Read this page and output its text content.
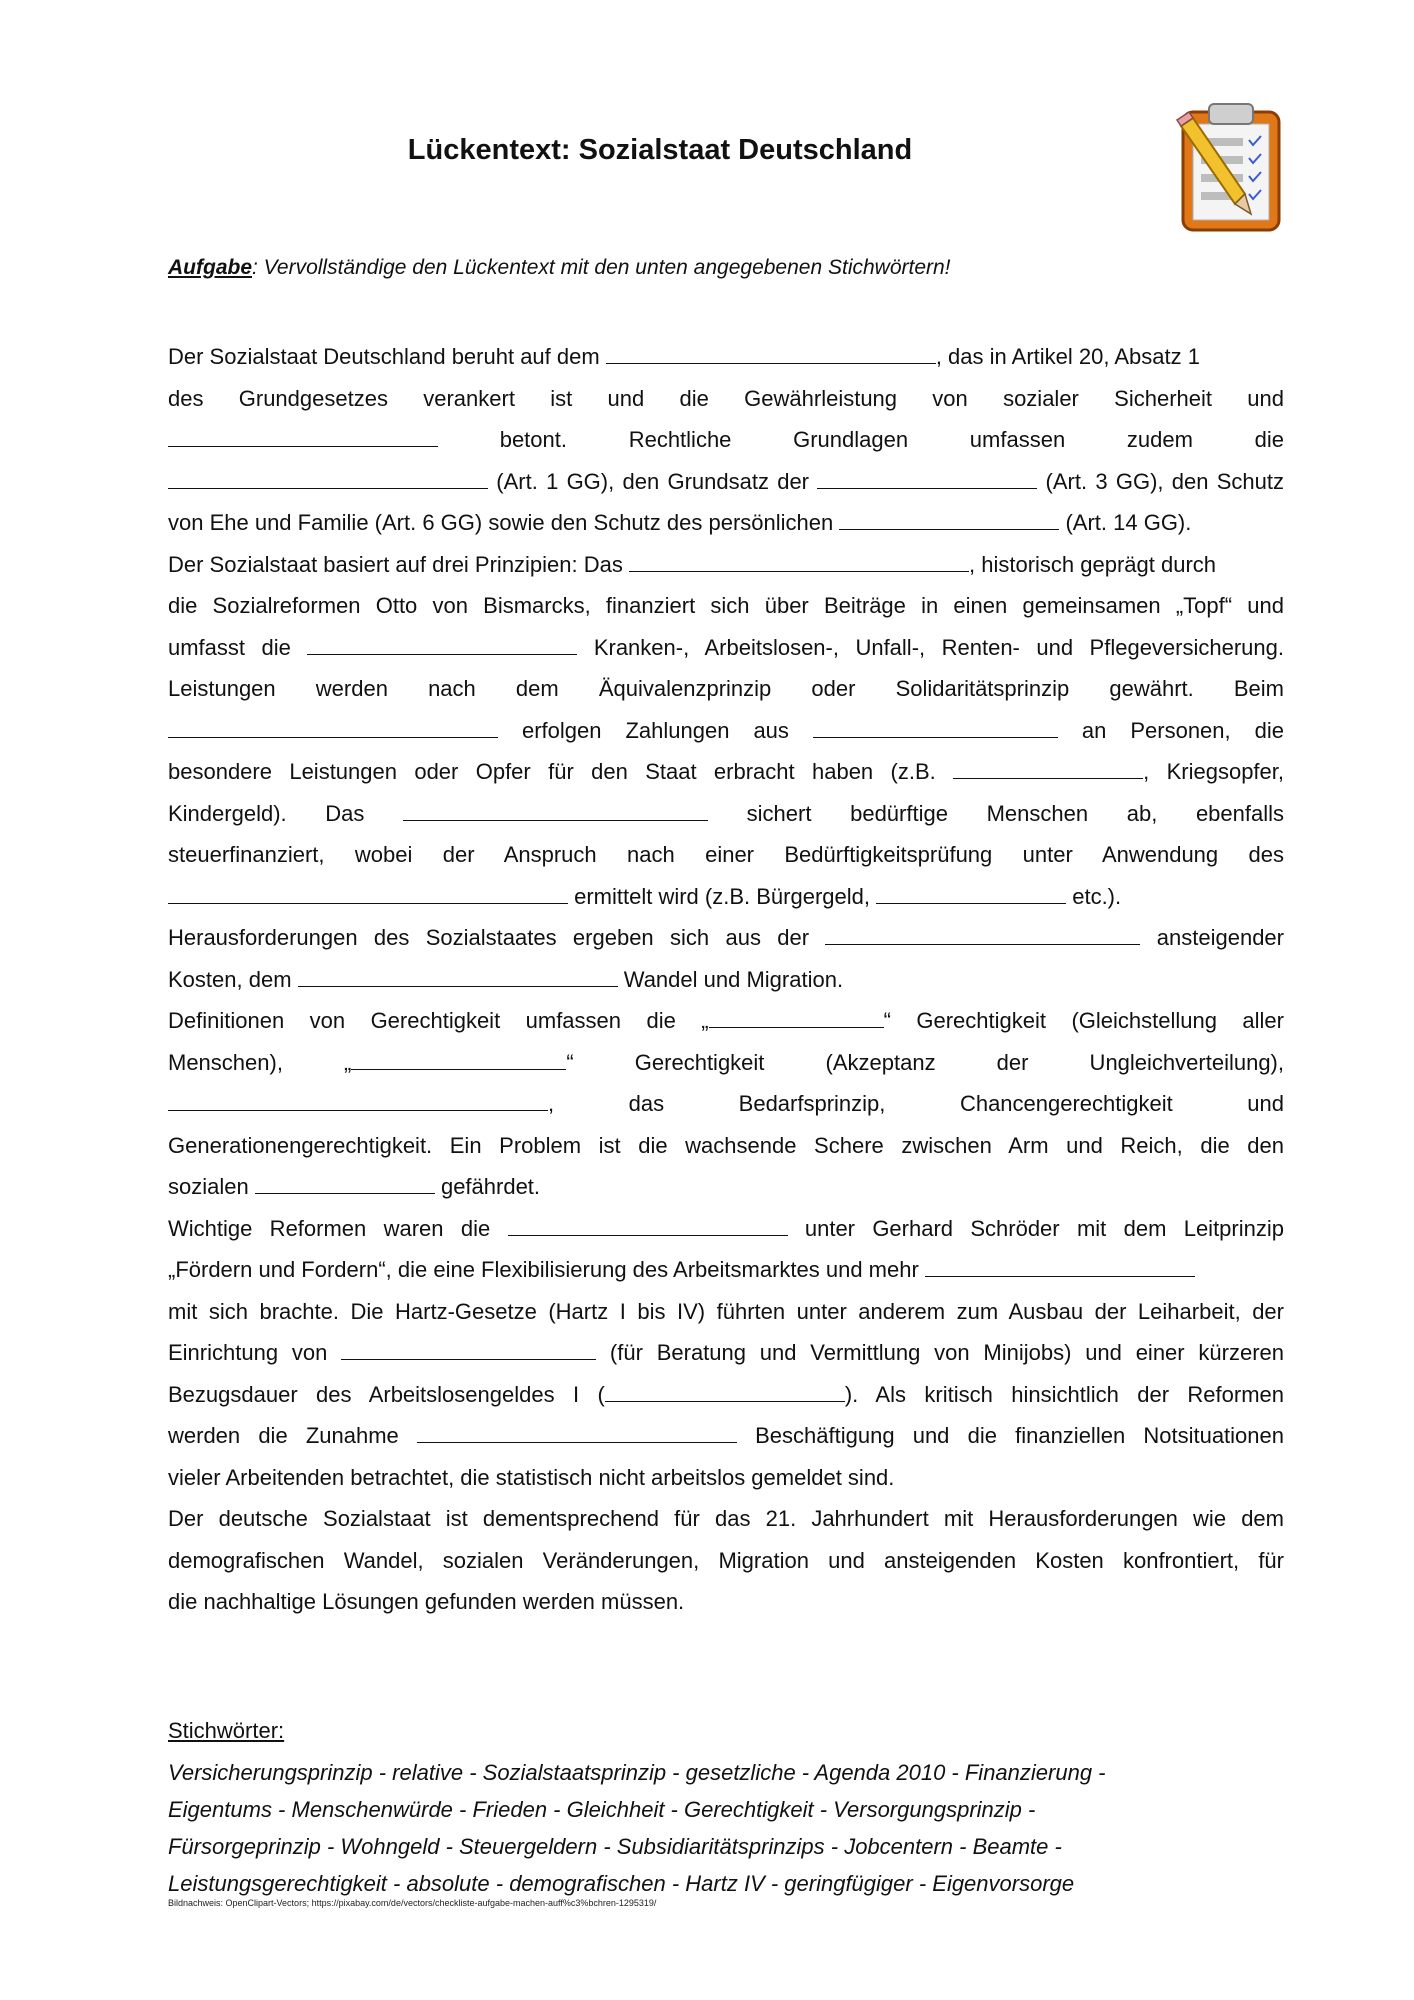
Lückentext: Sozialstaat Deutschland
Aufgabe: Vervollständige den Lückentext mit den unten angegebenen Stichwörtern!
Der Sozialstaat Deutschland beruht auf dem	, das in Artikel 20, Absatz 1
des Grundgesetzes verankert ist und die Gewährleistung von sozialer Sicherheit und
betont. Rechtliche Grundlagen umfassen zudem die
(Art. 1 GG), den Grundsatz der	(Art. 3 GG), den Schutz
von Ehe und Familie (Art. 6 GG) sowie den Schutz des persönlichen	(Art. 14 GG).
Der Sozialstaat basiert auf drei Prinzipien: Das	, historisch geprägt durch
die Sozialreformen Otto von Bismarcks, finanziert sich über Beiträge in einen gemeinsamen „Topf“ und
umfasst die	Kranken-, Arbeitslosen-, Unfall-, Renten- und Pflegeversicherung.
Leistungen werden nach dem Äquivalenzprinzip oder Solidaritätsprinzip gewährt. Beim
erfolgen Zahlungen aus	an Personen, die
besondere Leistungen oder Opfer für den Staat erbracht haben (z.B.	, Kriegsopfer,
Kindergeld). Das	sichert bedürftige Menschen ab, ebenfalls
steuerfinanziert, wobei der Anspruch nach einer Bedürftigkeitsprüfung unter Anwendung des
ermittelt wird (z.B. Bürgergeld,	etc.).
Herausforderungen des Sozialstaates ergeben sich aus der	ansteigender
Kosten, dem	Wandel und Migration.
Definitionen von Gerechtigkeit umfassen die „	“ Gerechtigkeit (Gleichstellung aller
Menschen), „	“ Gerechtigkeit (Akzeptanz der Ungleichverteilung),
, das Bedarfsprinzip, Chancengerechtigkeit und
Generationengerechtigkeit. Ein Problem ist die wachsende Schere zwischen Arm und Reich, die den
sozialen	gefährdet.
Wichtige Reformen waren die	unter Gerhard Schröder mit dem Leitprinzip
„Fördern und Fordern“, die eine Flexibilisierung des Arbeitsmarktes und mehr
mit sich brachte. Die Hartz-Gesetze (Hartz I bis IV) führten unter anderem zum Ausbau der Leiharbeit, der
Einrichtung von	(für Beratung und Vermittlung von Minijobs) und einer kürzeren
Bezugsdauer des Arbeitslosengeldes I (	). Als kritisch hinsichtlich der Reformen
werden die Zunahme	Beschäftigung und die finanziellen Notsituationen
vieler Arbeitenden betrachtet, die statistisch nicht arbeitslos gemeldet sind.
Der deutsche Sozialstaat ist dementsprechend für das 21. Jahrhundert mit Herausforderungen wie dem
demografischen Wandel, sozialen Veränderungen, Migration und ansteigenden Kosten konfrontiert, für
die nachhaltige Lösungen gefunden werden müssen.
Stichwörter:
Versicherungsprinzip - relative - Sozialstaatsprinzip - gesetzliche - Agenda 2010 - Finanzierung -
Eigentums - Menschenwürde - Frieden - Gleichheit - Gerechtigkeit - Versorgungsprinzip -
Fürsorgeprinzip - Wohngeld - Steuergeldern - Subsidiaritätsprinzips - Jobcentern - Beamte -
Leistungsgerechtigkeit - absolute - demografischen - Hartz IV - geringfügiger - Eigenvorsorge
Bildnachweis: OpenClipart-Vectors; https://pixabay.com/de/vectors/checkliste-aufgabe-machen-auff%c3%bchren-1295319/
